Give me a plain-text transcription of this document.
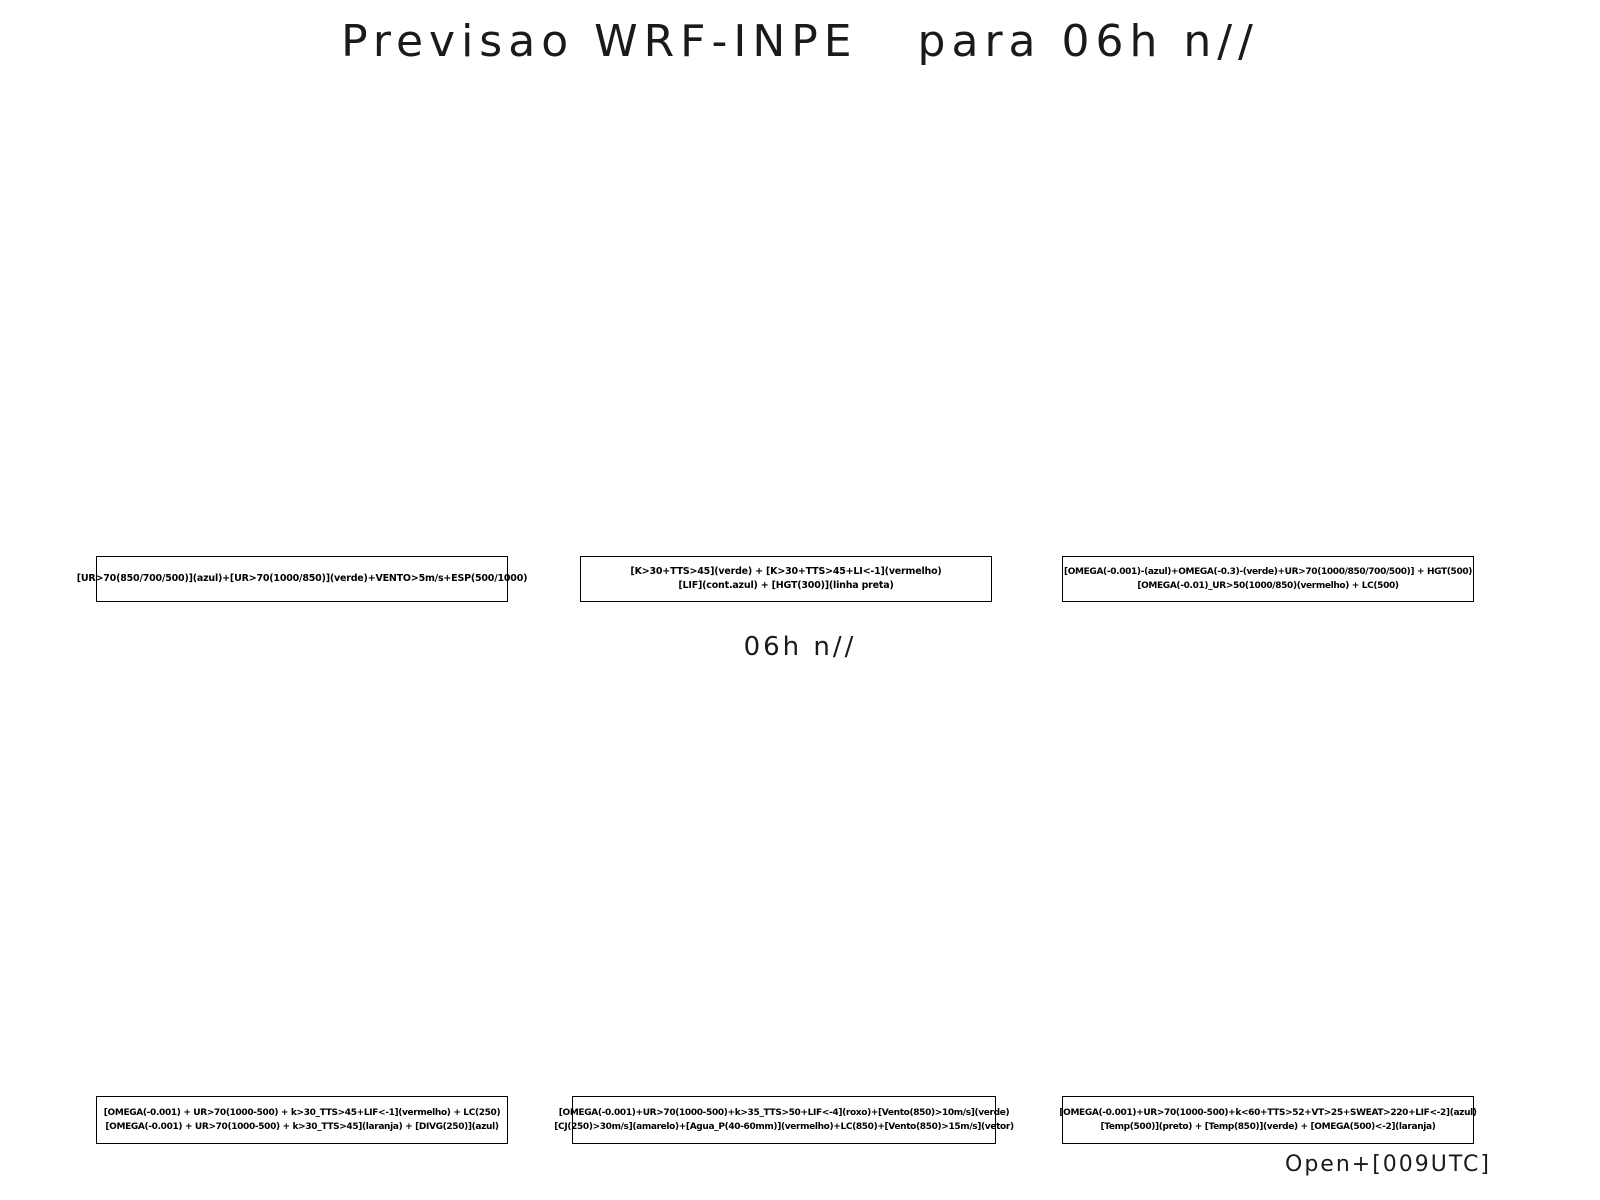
Previsao WRF-INPE   para 06h n//
[UR>70(850/700/500)](azul)+[UR>70(1000/850)](verde)+VENTO>5m/s+ESP(500/1000)
[K>30+TTS>45](verde) + [K>30+TTS>45+LI<-1](vermelho)
[LIF](cont.azul) + [HGT(300)](linha preta)
[OMEGA(-0.001)-(azul)+OMEGA(-0.3)-(verde)+UR>70(1000/850/700/500)] + HGT(500)
[OMEGA(-0.01)_UR>50(1000/850)(vermelho) + LC(500)
06h n//
[OMEGA(-0.001) + UR>70(1000-500) + k>30_TTS>45+LIF<-1](vermelho) + LC(250)
[OMEGA(-0.001) + UR>70(1000-500) + k>30_TTS>45](laranja) + [DIVG(250)](azul)
[OMEGA(-0.001)+UR>70(1000-500)+k>35_TTS>50+LIF<-4](roxo)+[Vento(850)>10m/s](verde)
[CJ(250)>30m/s](amarelo)+[Agua_P(40-60mm)](vermelho)+LC(850)+[Vento(850)>15m/s](vetor)
[OMEGA(-0.001)+UR>70(1000-500)+k<60+TTS>52+VT>25+SWEAT>220+LIF<-2](azul)
[Temp(500)](preto) + [Temp(850)](verde) + [OMEGA(500)<-2](laranja)
Open+[009UTC]
